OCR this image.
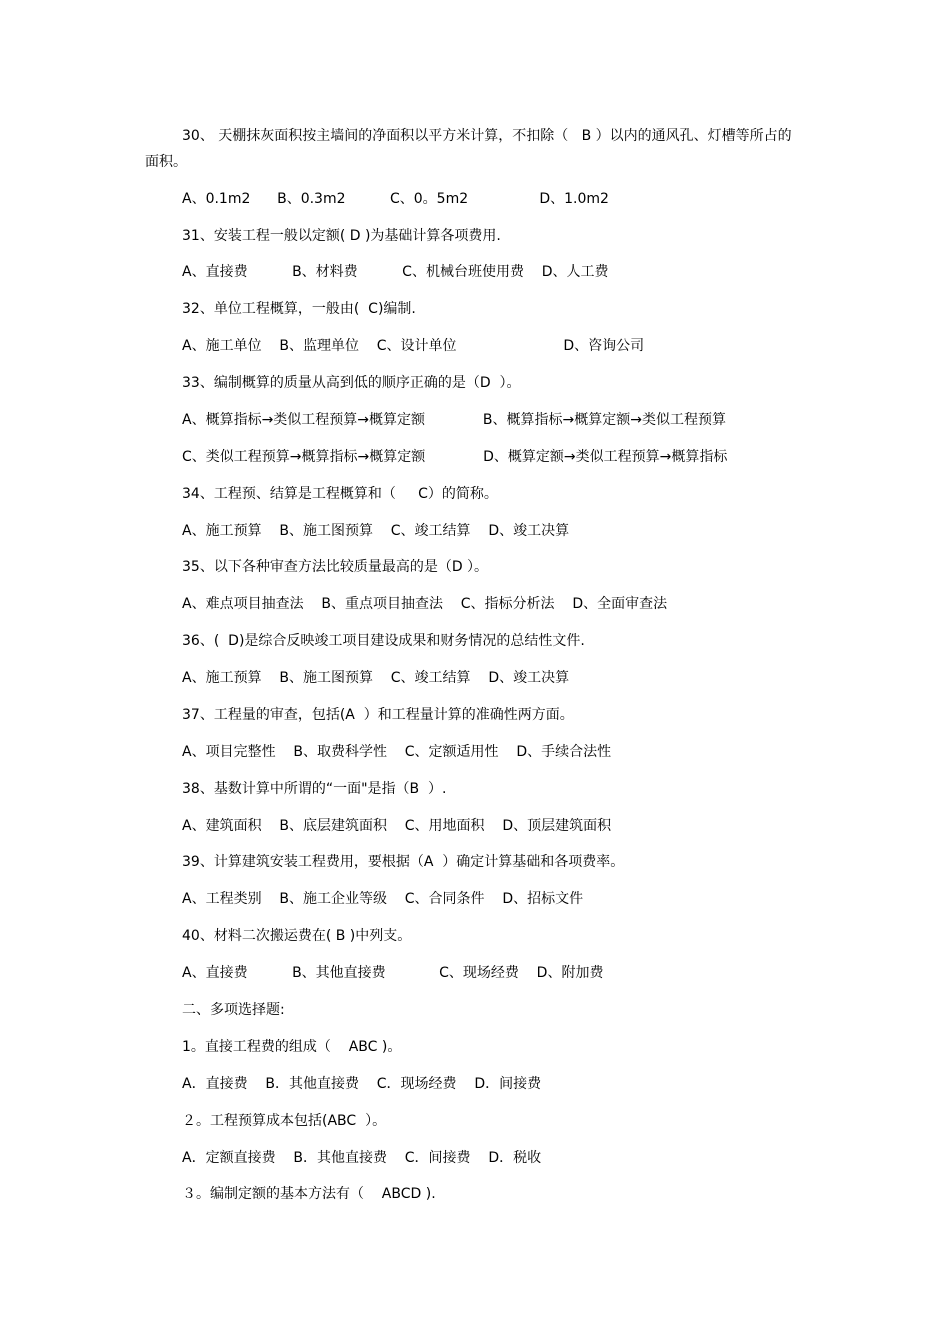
30、 天棚抹灰面积按主墙间的净面积以平方米计算，不扣除（   B ）以内的通风孔、灯槽等所占的
面积。
A、0.1m2      B、0.3m2          C、0。5m2                D、1.0m2
31、安装工程一般以定额( D )为基础计算各项费用.
A、直接费          B、材料费          C、机械台班使用费    D、人工费
32、单位工程概算，一般由(  C)编制.
A、施工单位    B、监理单位    C、设计单位                        D、咨询公司
33、编制概算的质量从高到低的顺序正确的是（D  ）。
A、概算指标→类似工程预算→概算定额             B、概算指标→概算定额→类似工程预算
C、类似工程预算→概算指标→概算定额             D、概算定额→类似工程预算→概算指标
34、工程预、结算是工程概算和（     C）的简称。
A、施工预算    B、施工图预算    C、竣工结算    D、竣工决算
35、以下各种审查方法比较质量最高的是（D ）。
A、难点项目抽查法    B、重点项目抽查法    C、指标分析法    D、全面审查法
36、(  D)是综合反映竣工项目建设成果和财务情况的总结性文件.
A、施工预算    B、施工图预算    C、竣工结算    D、竣工决算
37、工程量的审查，包括(A  ）和工程量计算的准确性两方面。
A、项目完整性    B、取费科学性    C、定额适用性    D、手续合法性
38、基数计算中所谓的“一面"是指（B  ）.
A、建筑面积    B、底层建筑面积    C、用地面积    D、顶层建筑面积
39、计算建筑安装工程费用，要根据（A  ）确定计算基础和各项费率。
A、工程类别    B、施工企业等级    C、合同条件    D、招标文件
40、材料二次搬运费在( B )中列支。
A、直接费          B、其他直接费            C、现场经费    D、附加费
二、多项选择题:
1。直接工程费的组成（    ABC )。
A．直接费    B．其他直接费    C．现场经费    D．间接费
２。工程预算成本包括(ABC  ）。
A．定额直接费    B．其他直接费    C．间接费    D．税收
３。编制定额的基本方法有（    ABCD ).
